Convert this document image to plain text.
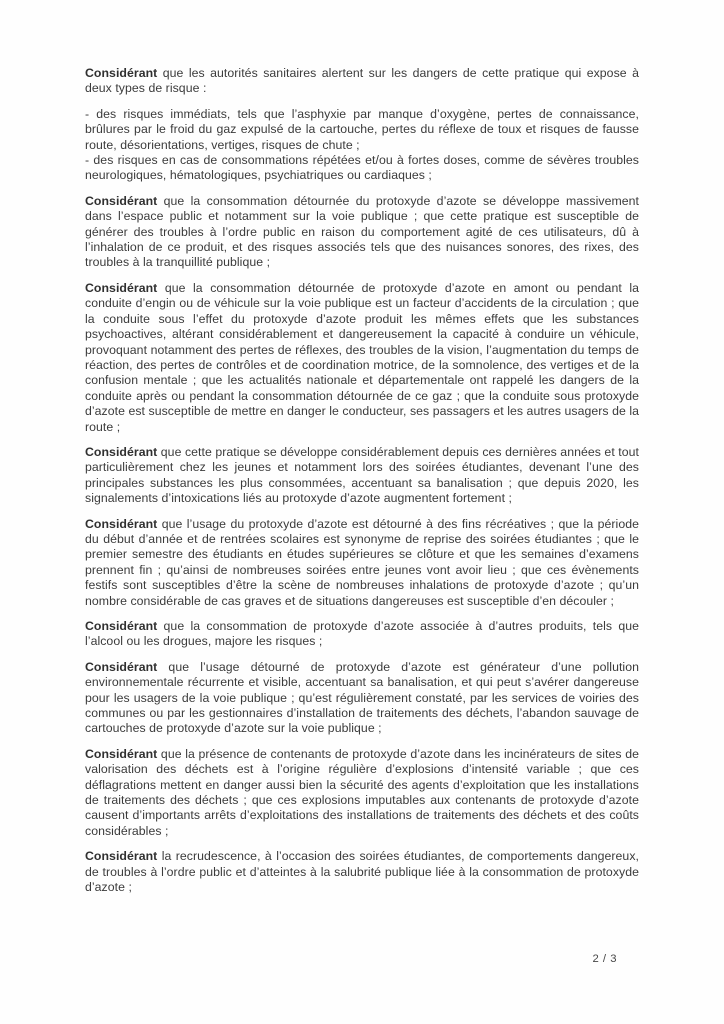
Considérant que les autorités sanitaires alertent sur les dangers de cette pratique qui expose à deux types de risque :

- des risques immédiats, tels que l’asphyxie par manque d’oxygène, pertes de connaissance, brûlures par le froid du gaz expulsé de la cartouche, pertes du réflexe de toux et risques de fausse route, désorientations, vertiges, risques de chute ;

- des risques en cas de consommations répétées et/ou à fortes doses, comme de sévères troubles neurologiques, hématologiques, psychiatriques ou cardiaques ;

Considérant que la consommation détournée du protoxyde d’azote se développe massivement dans l’espace public et notamment sur la voie publique ; que cette pratique est susceptible de générer des troubles à l’ordre public en raison du comportement agité de ces utilisateurs, dû à l’inhalation de ce produit, et des risques associés tels que des nuisances sonores, des rixes, des troubles à la tranquillité publique ;

Considérant que la consommation détournée de protoxyde d’azote en amont ou pendant la conduite d’engin ou de véhicule sur la voie publique est un facteur d’accidents de la circulation ; que la conduite sous l’effet du protoxyde d’azote produit les mêmes effets que les substances psychoactives, altérant considérablement et dangereusement la capacité à conduire un véhicule, provoquant notamment des pertes de réflexes, des troubles de la vision, l’augmentation du temps de réaction, des pertes de contrôles et de coordination motrice, de la somnolence, des vertiges et de la confusion mentale ; que les actualités nationale et départementale ont rappelé les dangers de la conduite après ou pendant la consommation détournée de ce gaz ; que la conduite sous protoxyde d’azote est susceptible de mettre en danger le conducteur, ses passagers et les autres usagers de la route ;

Considérant que cette pratique se développe considérablement depuis ces dernières années et tout particulièrement chez les jeunes et notamment lors des soirées étudiantes, devenant l’une des principales substances les plus consommées, accentuant sa banalisation ; que depuis 2020, les signalements d’intoxications liés au protoxyde d’azote augmentent fortement ;

Considérant que l’usage du protoxyde d’azote est détourné à des fins récréatives ; que la période du début d’année et de rentrées scolaires est synonyme de reprise des soirées étudiantes ; que le premier semestre des étudiants en études supérieures se clôture et que les semaines d’examens prennent fin ; qu’ainsi de nombreuses soirées entre jeunes vont avoir lieu ; que ces évènements festifs sont susceptibles d’être la scène de nombreuses inhalations de protoxyde d’azote ; qu’un nombre considérable de cas graves et de situations dangereuses est susceptible d’en découler ;

Considérant que la consommation de protoxyde d’azote associée à d’autres produits, tels que l’alcool ou les drogues, majore les risques ;

Considérant que l’usage détourné de protoxyde d’azote est générateur d’une pollution environnementale récurrente et visible, accentuant sa banalisation, et qui peut s’avérer dangereuse pour les usagers de la voie publique ; qu’est régulièrement constaté, par les services de voiries des communes ou par les gestionnaires d’installation de traitements des déchets, l’abandon sauvage de cartouches de protoxyde d’azote sur la voie publique ;

Considérant que la présence de contenants de protoxyde d’azote dans les incinérateurs de sites de valorisation des déchets est à l’origine régulière d’explosions d’intensité variable ; que ces déflagrations mettent en danger aussi bien la sécurité des agents d’exploitation que les installations de traitements des déchets ; que ces explosions imputables aux contenants de protoxyde d’azote causent d’importants arrêts d’exploitations des installations de traitements des déchets et des coûts considérables ;

Considérant la recrudescence, à l’occasion des soirées étudiantes, de comportements dangereux, de troubles à l’ordre public et d’atteintes à la salubrité publique liée à la consommation de protoxyde d’azote ;

2 / 3
